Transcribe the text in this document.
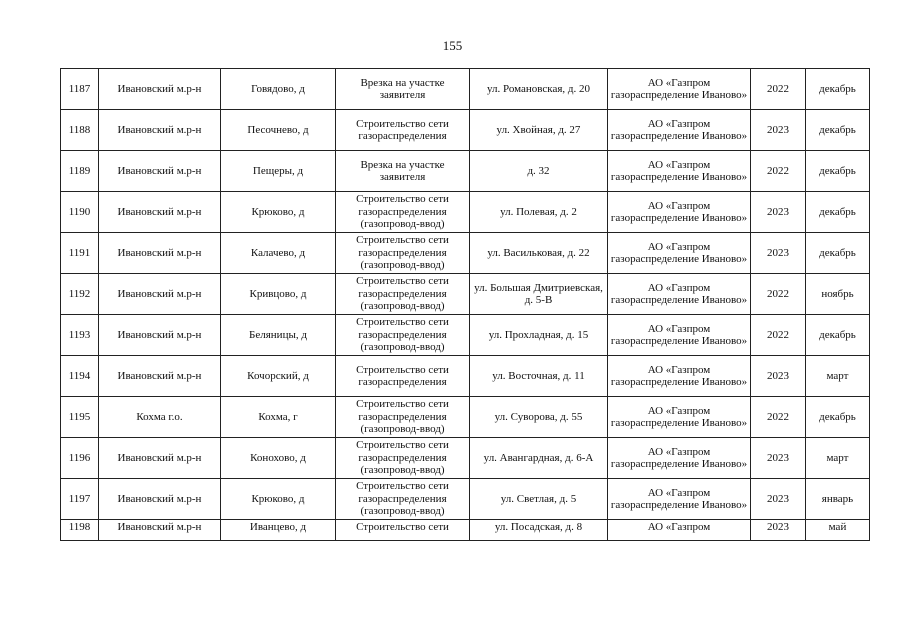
155
1187	Ивановский м.р-н	Говядово, д	Врезка на участке заявителя	ул. Романовская, д. 20	АО «Газпром газораспределение Иваново»	2022	декабрь
1188	Ивановский м.р-н	Песочнево, д	Строительство сети газораспределения	ул. Хвойная, д. 27	АО «Газпром газораспределение Иваново»	2023	декабрь
1189	Ивановский м.р-н	Пещеры, д	Врезка на участке заявителя	д. 32	АО «Газпром газораспределение Иваново»	2022	декабрь
1190	Ивановский м.р-н	Крюково, д	Строительство сети газораспределения (газопровод-ввод)	ул. Полевая, д. 2	АО «Газпром газораспределение Иваново»	2023	декабрь
1191	Ивановский м.р-н	Калачево, д	Строительство сети газораспределения (газопровод-ввод)	ул. Васильковая, д. 22	АО «Газпром газораспределение Иваново»	2023	декабрь
1192	Ивановский м.р-н	Кривцово, д	Строительство сети газораспределения (газопровод-ввод)	ул. Большая Дмитриевская, д. 5-В	АО «Газпром газораспределение Иваново»	2022	ноябрь
1193	Ивановский м.р-н	Беляницы, д	Строительство сети газораспределения (газопровод-ввод)	ул. Прохладная, д. 15	АО «Газпром газораспределение Иваново»	2022	декабрь
1194	Ивановский м.р-н	Кочорский, д	Строительство сети газораспределения	ул. Восточная, д. 11	АО «Газпром газораспределение Иваново»	2023	март
1195	Кохма г.о.	Кохма, г	Строительство сети газораспределения (газопровод-ввод)	ул. Суворова, д. 55	АО «Газпром газораспределение Иваново»	2022	декабрь
1196	Ивановский м.р-н	Конохово, д	Строительство сети газораспределения (газопровод-ввод)	ул. Авангардная, д. 6-А	АО «Газпром газораспределение Иваново»	2023	март
1197	Ивановский м.р-н	Крюково, д	Строительство сети газораспределения (газопровод-ввод)	ул. Светлая, д. 5	АО «Газпром газораспределение Иваново»	2023	январь
1198	Ивановский м.р-н	Иванцево, д	Строительство сети	ул. Посадская, д. 8	АО «Газпром	2023	май
